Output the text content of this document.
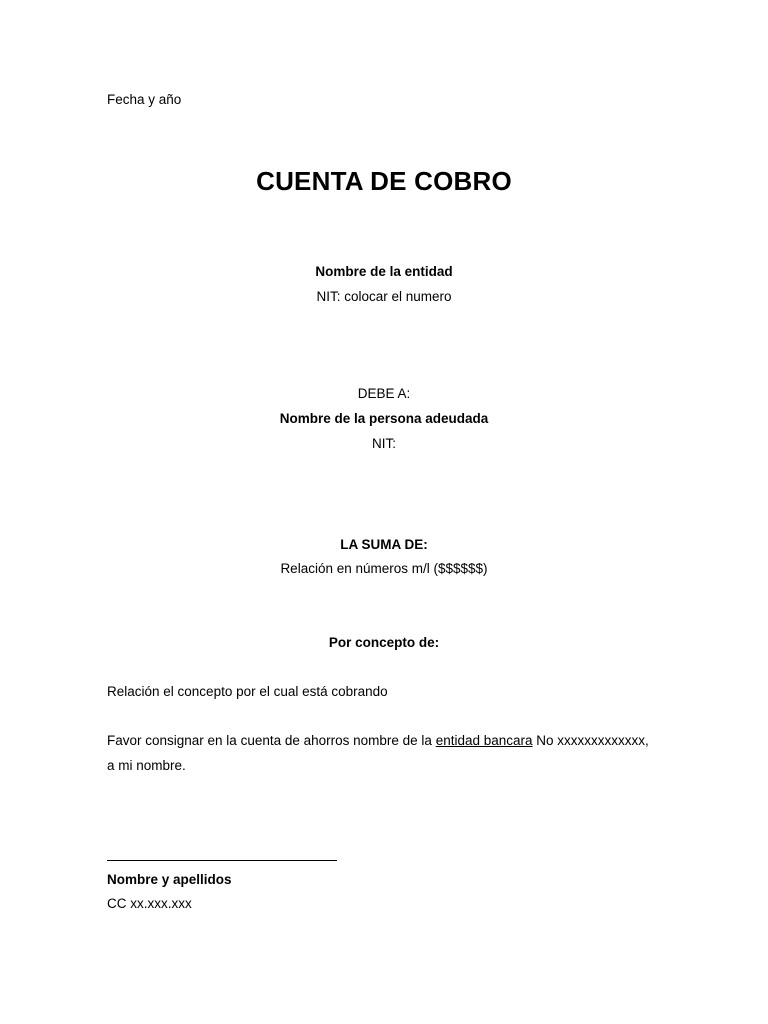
Fecha y año
CUENTA DE COBRO
Nombre de la entidad
NIT: colocar el numero
DEBE A:
Nombre de la persona adeudada
NIT:
LA SUMA DE:
Relación en números m/l ($$$$$$)
Por concepto de:
Relación el concepto por el cual está cobrando
Favor consignar en la cuenta de ahorros nombre de la entidad bancara No xxxxxxxxxxxxx,
a mi nombre.
Nombre y apellidos
CC xx.xxx.xxx
